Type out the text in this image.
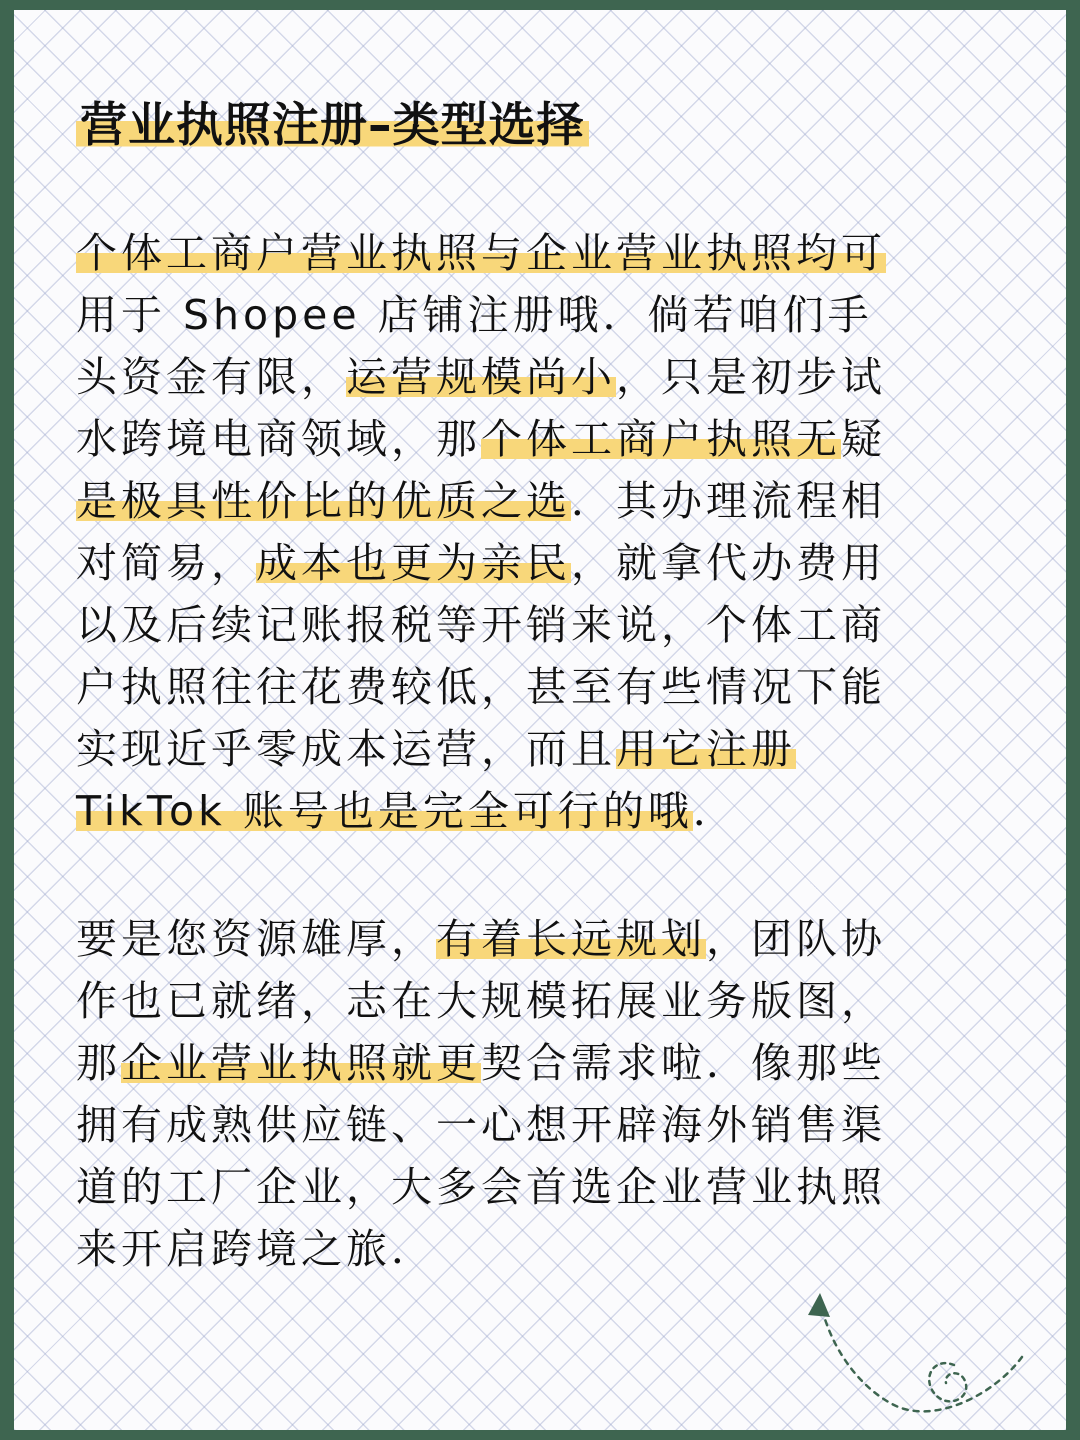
营业执照注册–类型选择
个体工商户营业执照与企业营业执照均可
用于 Shopee 店铺注册哦．倘若咱们手
头资金有限，运营规模尚小，只是初步试
水跨境电商领域，那个体工商户执照无疑
是极具性价比的优质之选．其办理流程相
对简易，成本也更为亲民，就拿代办费用
以及后续记账报税等开销来说，个体工商
户执照往往花费较低，甚至有些情况下能
实现近乎零成本运营，而且用它注册
TikTok 账号也是完全可行的哦．
要是您资源雄厚，有着长远规划，团队协
作也已就绪，志在大规模拓展业务版图，
那企业营业执照就更契合需求啦．像那些
拥有成熟供应链、一心想开辟海外销售渠
道的工厂企业，大多会首选企业营业执照
来开启跨境之旅．
